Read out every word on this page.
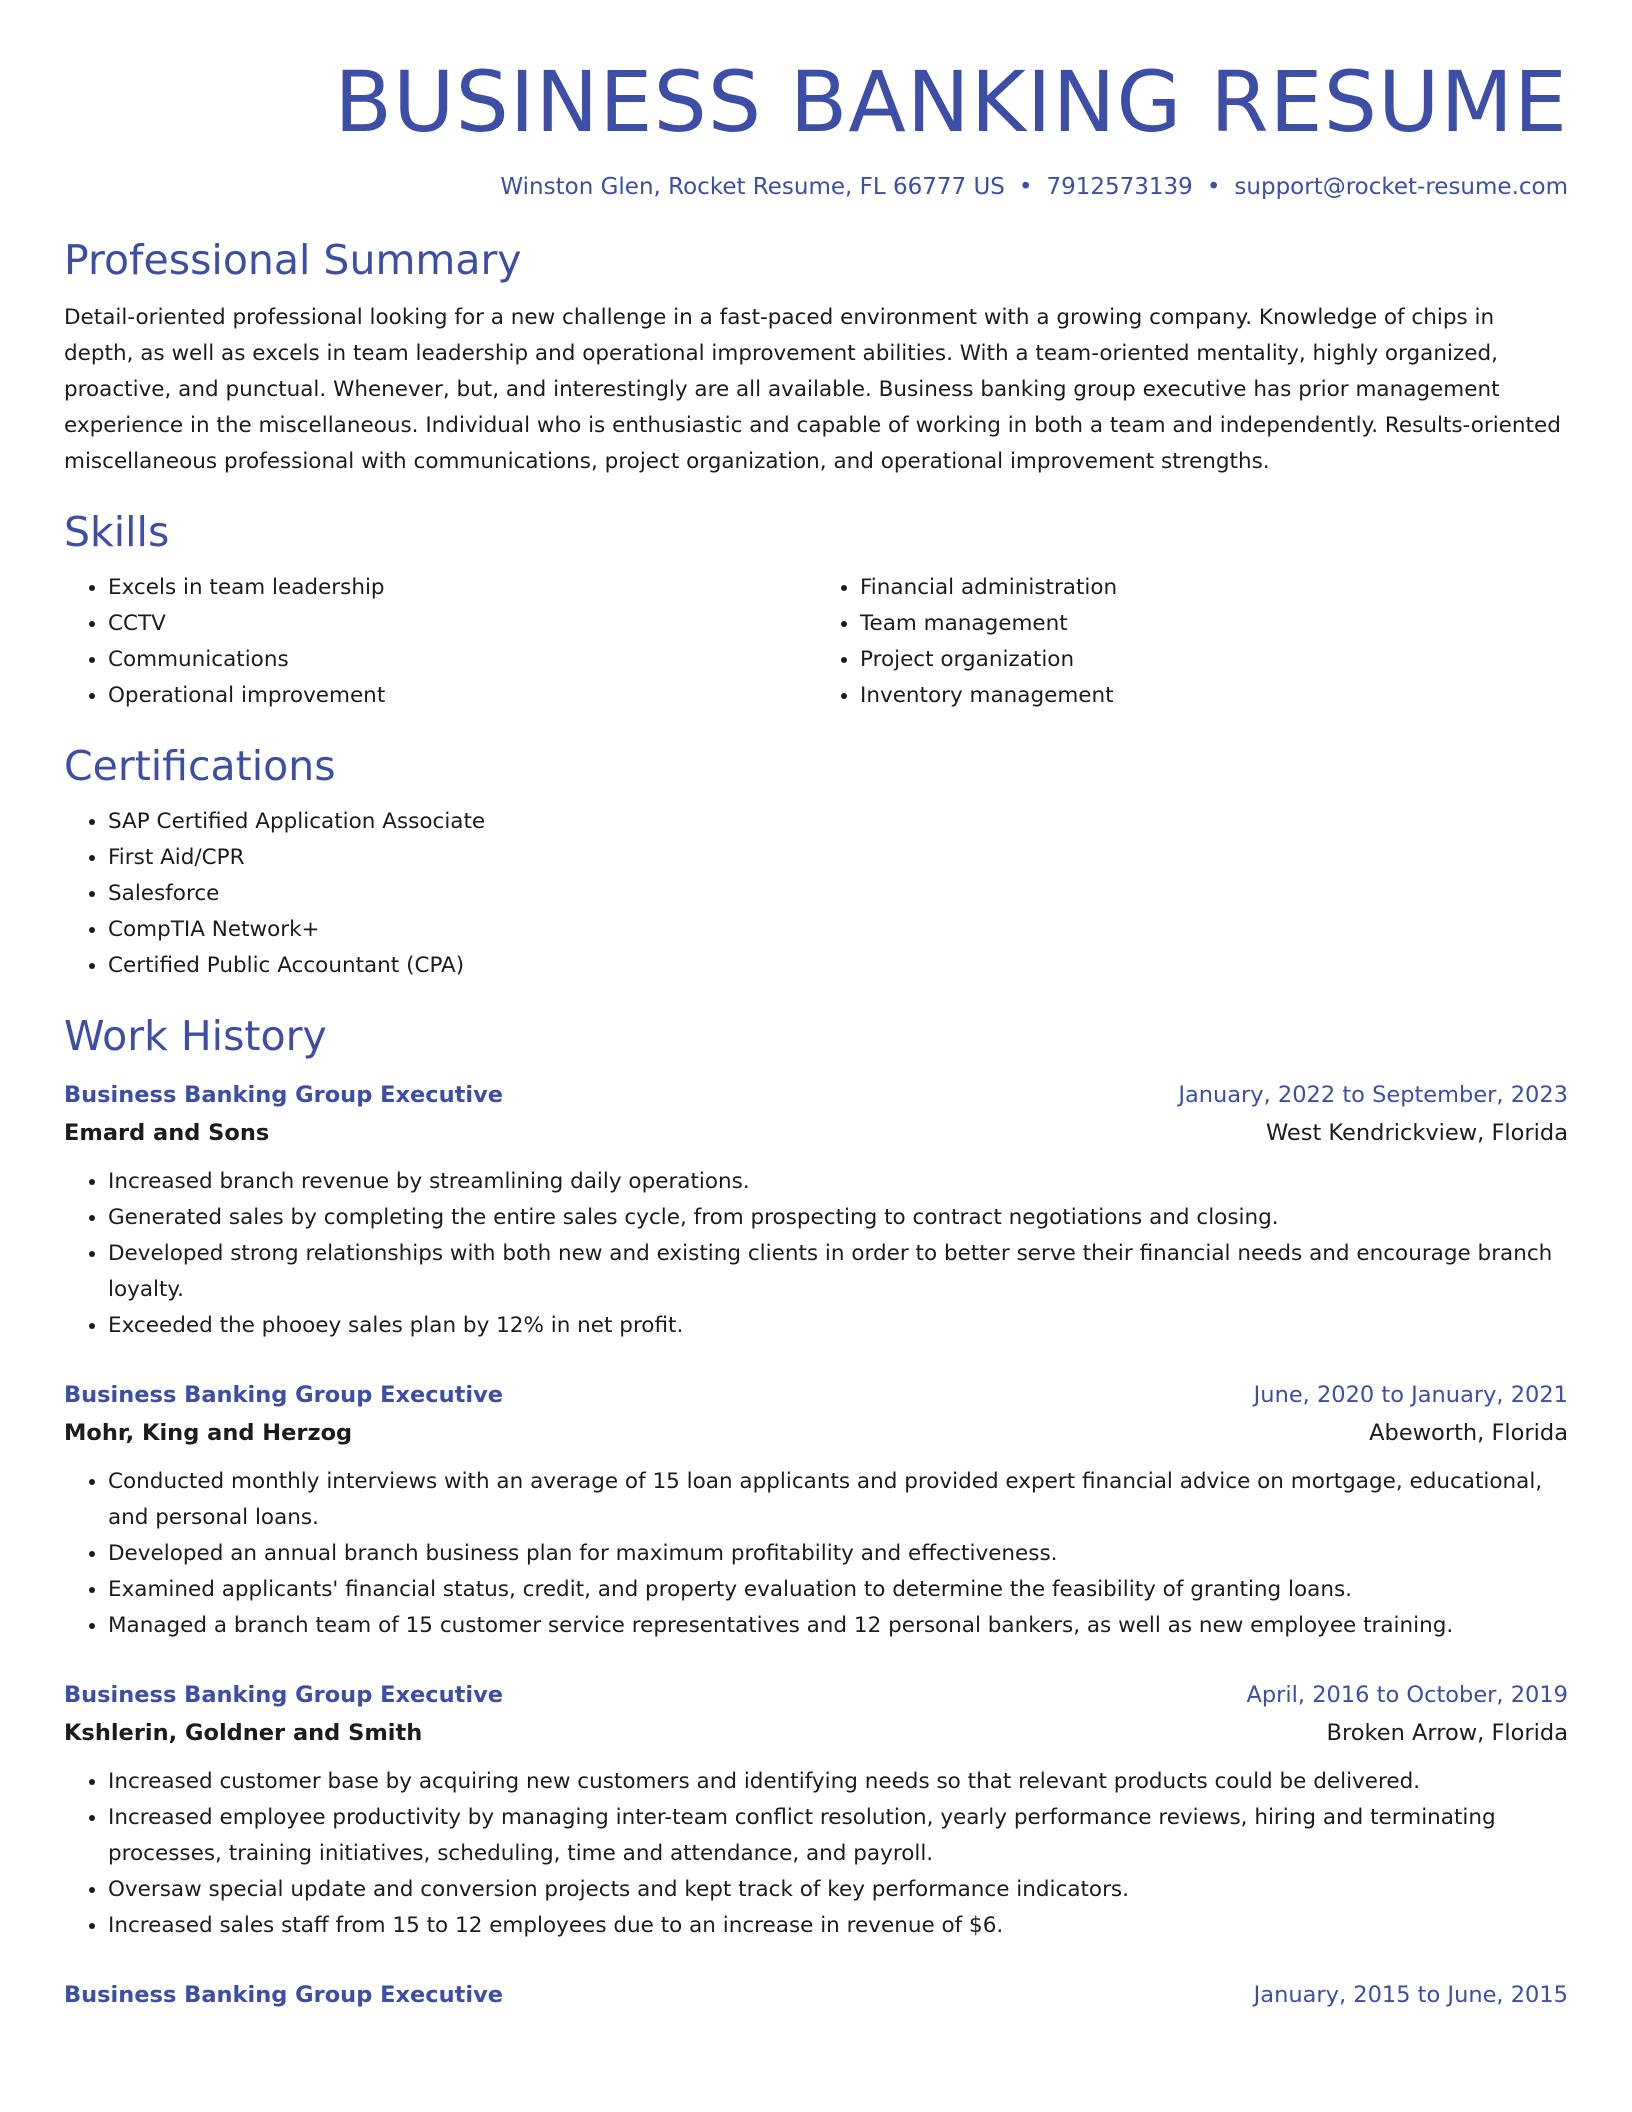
BUSINESS BANKING RESUME
Winston Glen, Rocket Resume, FL 66777 US • 7912573139 • support@rocket-resume.com
Professional Summary

Detail-oriented professional looking for a new challenge in a fast-paced environment with a growing company. Knowledge of chips in depth, as well as excels in team leadership and operational improvement abilities. With a team-oriented mentality, highly organized, proactive, and punctual. Whenever, but, and interestingly are all available. Business banking group executive has prior management experience in the miscellaneous. Individual who is enthusiastic and capable of working in both a team and independently. Results-oriented miscellaneous professional with communications, project organization, and operational improvement strengths.

Skills
• Excels in team leadership
• CCTV
• Communications
• Operational improvement
• Financial administration
• Team management
• Project organization
• Inventory management
Certifications
• SAP Certified Application Associate
• First Aid/CPR
• Salesforce
• CompTIA Network+
• Certified Public Accountant (CPA)
Work History
Business Banking Group Executive	January, 2022 to September, 2023
Emard and Sons	West Kendrickview, Florida
• Increased branch revenue by streamlining daily operations.
• Generated sales by completing the entire sales cycle, from prospecting to contract negotiations and closing.
• Developed strong relationships with both new and existing clients in order to better serve their financial needs and encourage branch loyalty.
• Exceeded the phooey sales plan by 12% in net profit.
Business Banking Group Executive	June, 2020 to January, 2021
Mohr, King and Herzog	Abeworth, Florida
• Conducted monthly interviews with an average of 15 loan applicants and provided expert financial advice on mortgage, educational, and personal loans.
• Developed an annual branch business plan for maximum profitability and effectiveness.
• Examined applicants' financial status, credit, and property evaluation to determine the feasibility of granting loans.
• Managed a branch team of 15 customer service representatives and 12 personal bankers, as well as new employee training.
Business Banking Group Executive	April, 2016 to October, 2019
Kshlerin, Goldner and Smith	Broken Arrow, Florida
• Increased customer base by acquiring new customers and identifying needs so that relevant products could be delivered.
• Increased employee productivity by managing inter-team conflict resolution, yearly performance reviews, hiring and terminating processes, training initiatives, scheduling, time and attendance, and payroll.
• Oversaw special update and conversion projects and kept track of key performance indicators.
• Increased sales staff from 15 to 12 employees due to an increase in revenue of $6.
Business Banking Group Executive	January, 2015 to June, 2015
